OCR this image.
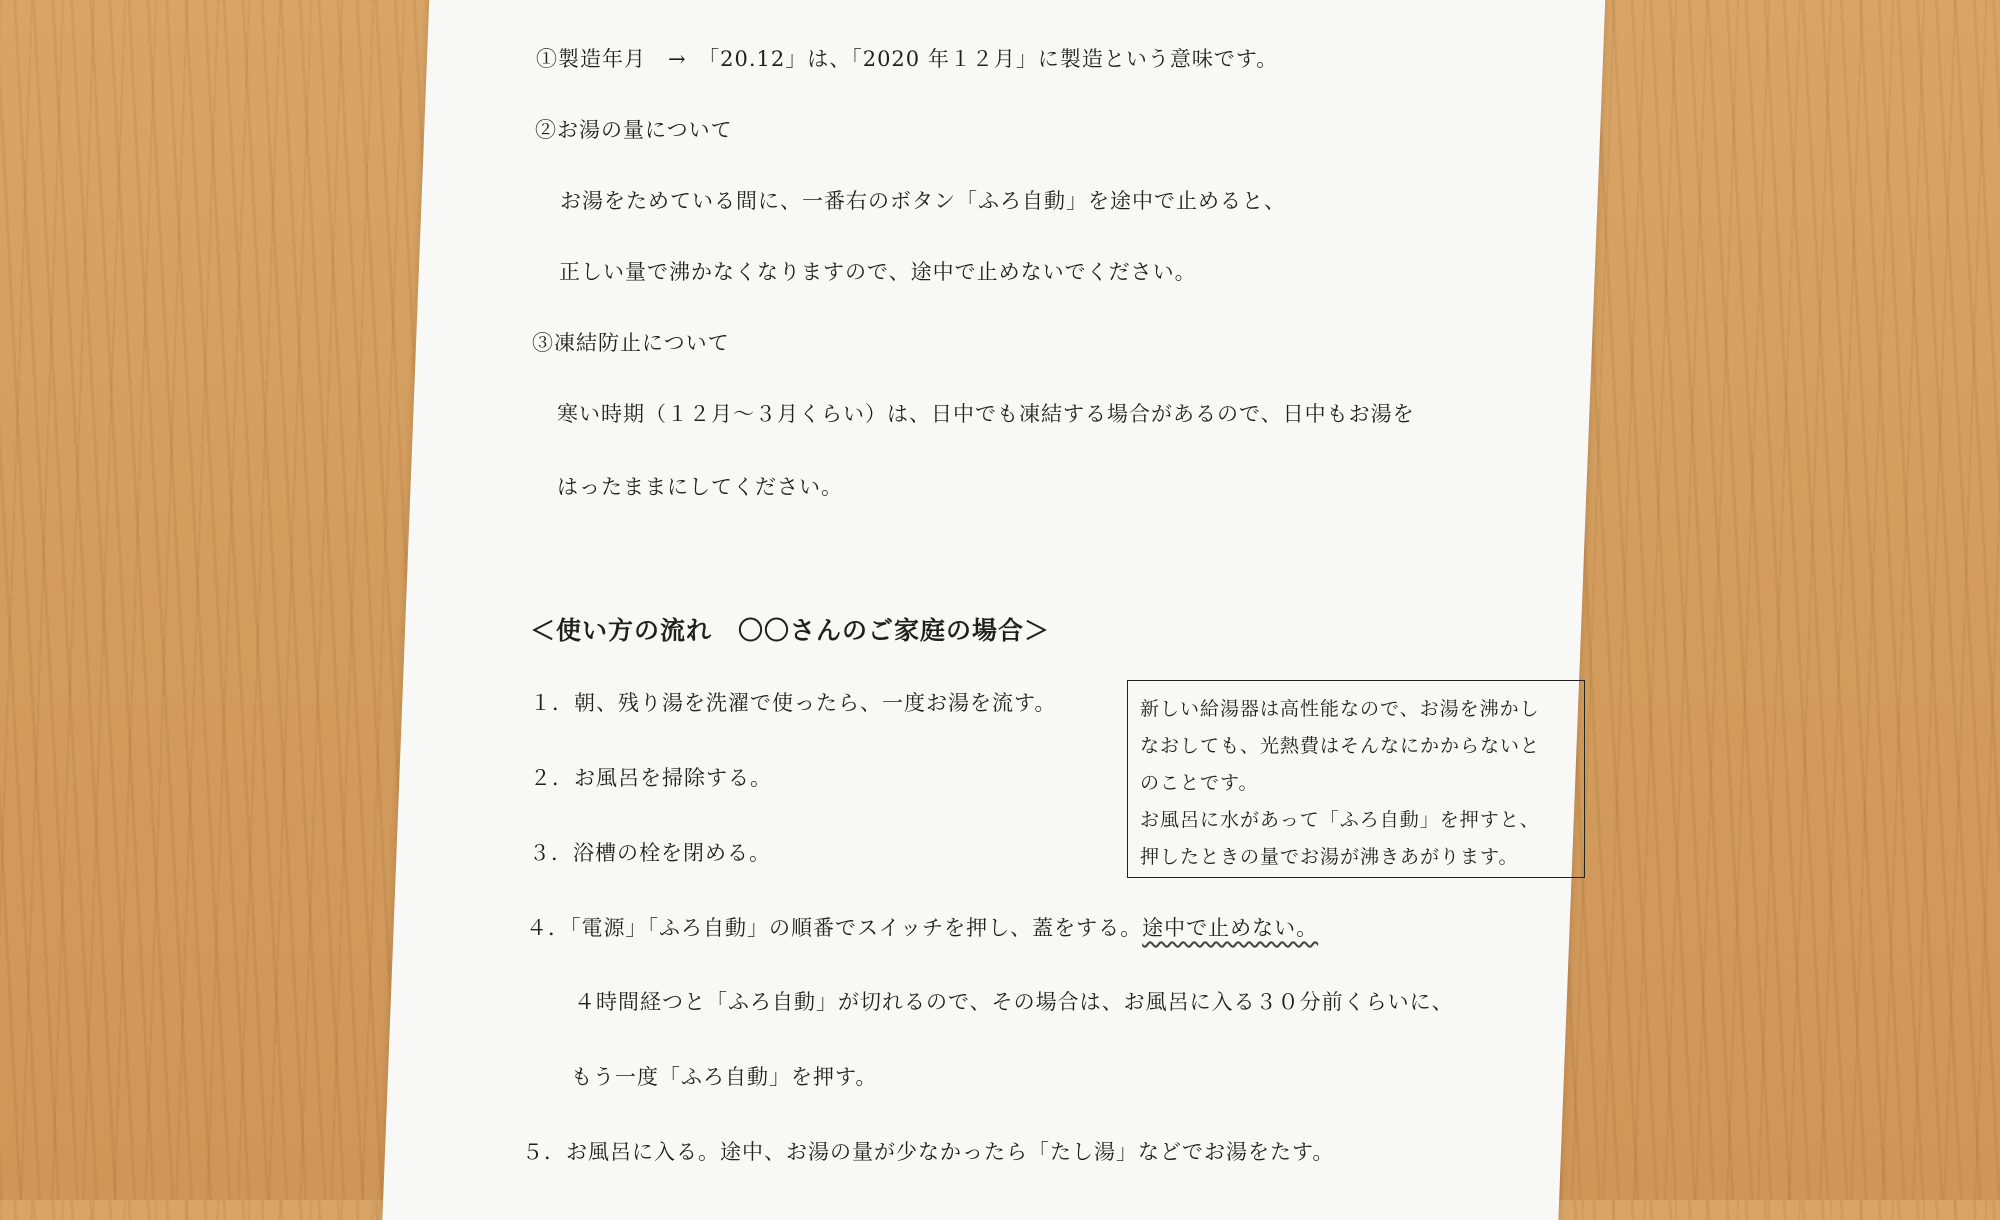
①製造年月　→　「20.12」は、「2020 年１２月」に製造という意味です。
②お湯の量について
お湯をためている間に、一番右のボタン「ふろ自動」を途中で止めると、
正しい量で沸かなくなりますので、途中で止めないでください。
③凍結防止について
寒い時期（１２月～３月くらい）は、日中でも凍結する場合があるので、日中もお湯を
はったままにしてください。
＜使い方の流れ　〇〇さんのご家庭の場合＞
１．朝、残り湯を洗濯で使ったら、一度お湯を流す。
２．お風呂を掃除する。
３．浴槽の栓を閉める。
４．「電源」「ふろ自動」の順番でスイッチを押し、蓋をする。途中で止めない。
４時間経つと「ふろ自動」が切れるので、その場合は、お風呂に入る３０分前くらいに、
もう一度「ふろ自動」を押す。
５．お風呂に入る。途中、お湯の量が少なかったら「たし湯」などでお湯をたす。
新しい給湯器は高性能なので、お湯を沸かし
なおしても、光熱費はそんなにかからないと
のことです。
お風呂に水があって「ふろ自動」を押すと、
押したときの量でお湯が沸きあがります。
